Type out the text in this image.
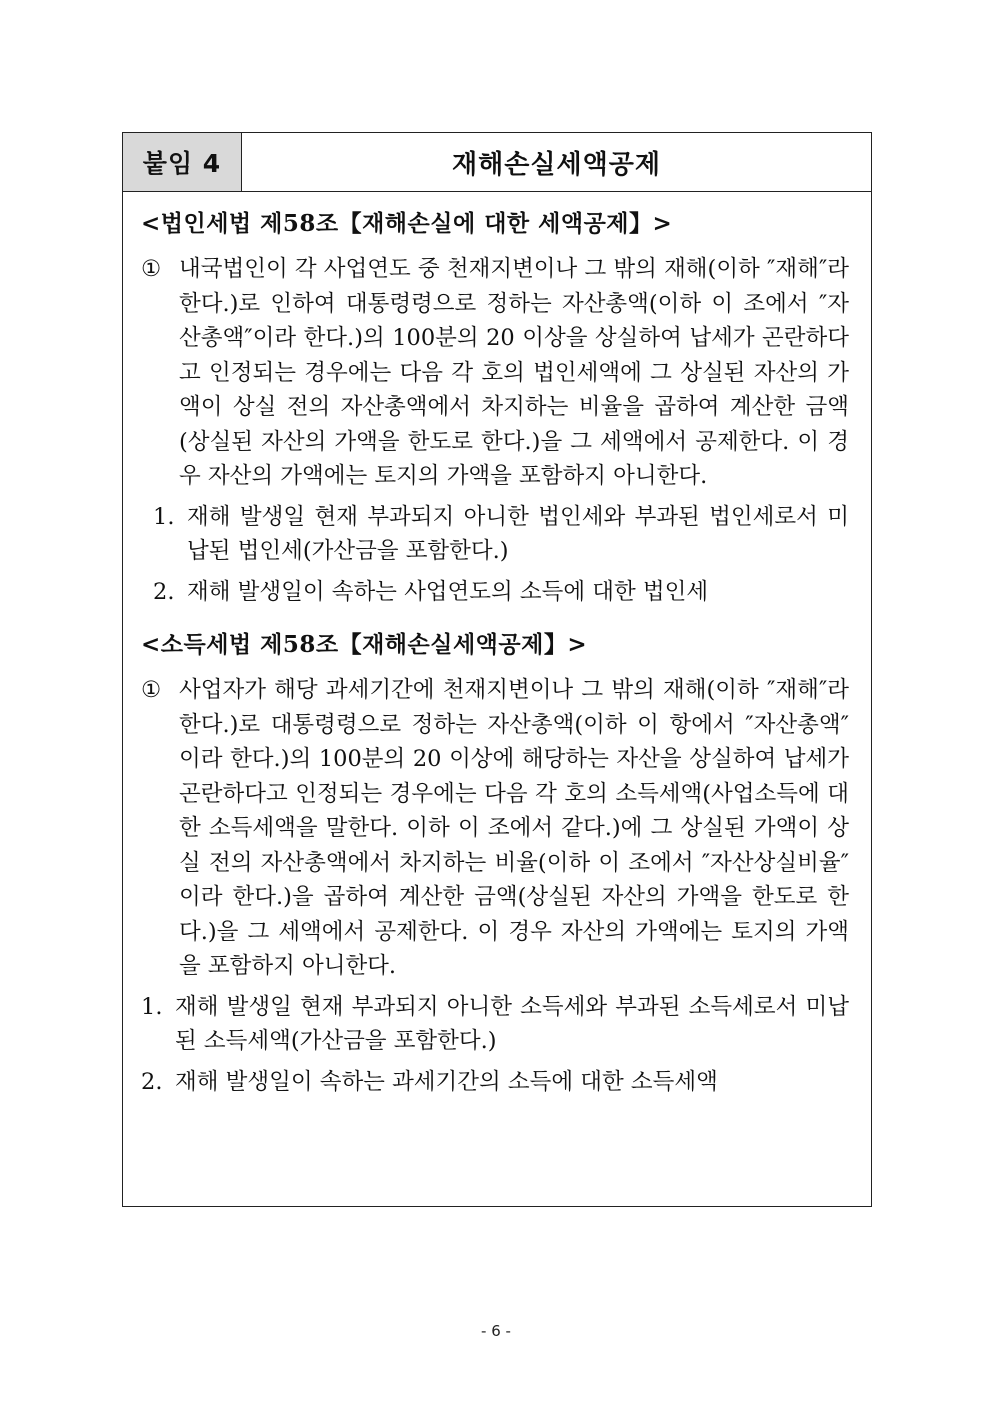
붙임 4	재해손실세액공제
<법인세법 제58조【재해손실에 대한 세액공제】>
① 내국법인이 각 사업연도 중 천재지변이나 그 밖의 재해(이하 ″재해″라 한다.)로 인하여 대통령령으로 정하는 자산총액(이하 이 조에서 ″자산총액″이라 한다.)의 100분의 20 이상을 상실하여 납세가 곤란하다고 인정되는 경우에는 다음 각 호의 법인세액에 그 상실된 자산의 가액이 상실 전의 자산총액에서 차지하는 비율을 곱하여 계산한 금액(상실된 자산의 가액을 한도로 한다.)을 그 세액에서 공제한다. 이 경우 자산의 가액에는 토지의 가액을 포함하지 아니한다.
1. 재해 발생일 현재 부과되지 아니한 법인세와 부과된 법인세로서 미납된 법인세(가산금을 포함한다.)
2. 재해 발생일이 속하는 사업연도의 소득에 대한 법인세
<소득세법 제58조【재해손실세액공제】>
① 사업자가 해당 과세기간에 천재지변이나 그 밖의 재해(이하 ″재해″라 한다.)로 대통령령으로 정하는 자산총액(이하 이 항에서 ″자산총액″이라 한다.)의 100분의 20 이상에 해당하는 자산을 상실하여 납세가 곤란하다고 인정되는 경우에는 다음 각 호의 소득세액(사업소득에 대한 소득세액을 말한다. 이하 이 조에서 같다.)에 그 상실된 가액이 상실 전의 자산총액에서 차지하는 비율(이하 이 조에서 ″자산상실비율″이라 한다.)을 곱하여 계산한 금액(상실된 자산의 가액을 한도로 한다.)을 그 세액에서 공제한다. 이 경우 자산의 가액에는 토지의 가액을 포함하지 아니한다.
1. 재해 발생일 현재 부과되지 아니한 소득세와 부과된 소득세로서 미납된 소득세액(가산금을 포함한다.)
2. 재해 발생일이 속하는 과세기간의 소득에 대한 소득세액
- 6 -
